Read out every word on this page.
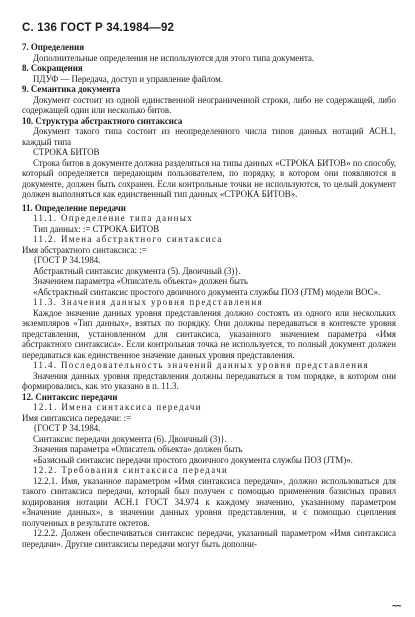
С. 136 ГОСТ Р 34.1984—92

7. Определения

Дополнительные определения не используются для этого типа документа.

8. Сокращения

ПДУФ — Передача, доступ и управление файлом.

9. Семантика документа

Документ состоит из одной единственной неограниченной строки, либо не содержащей, либо содержащей один или несколько битов.

10. Структура абстрактного синтаксиса

Документ такого типа состоит из неопределенного числа типов данных нотаций АСН.1, каждый типа

СТРОКА БИТОВ

Строка битов в документе должна разделяться на типы данных «СТРОКА БИТОВ» по способу, который определяется передающим пользователем, по порядку, в котором они появляются в документе, должен быть сохранен. Если контрольные точки не используются, то целый документ должен выполняться как единственный тип данных «СТРОКА БИТОВ».

11. Определение передачи

11.1. Определение типа данных

Тип данных: := СТРОКА БИТОВ

11.2. Имена абстрактного синтаксиса

Имя абстрактного синтаксиса: :=

{ГОСТ Р 34.1984.

Абстрактный синтаксис документа (5). Двоичный (3)}.

Значением параметра «Описатель объекта» должен быть

«Абстрактный синтаксис простого двоичного документа службы ПОЗ (JTM) модели ВОС».

11.3. Значения данных уровня представления

Каждое значение данных уровня представления должно состоять из одного или нескольких экземпляров «Тип данных», взятых по порядку. Они должны передаваться в контексте уровня представления, установленном для синтаксиса, указанного значением параметра «Имя абстрактного синтаксиса». Если контрольная точка не используется, то полный документ должен передаваться как единственное значение данных уровня представления.

11.4. Последовательность значений данных уровня представления

Значения данных уровня представления должны передаваться в том порядке, в котором они формировались, как это указано в п. 11.3.

12. Синтаксис передачи

12.1. Имена синтаксиса передачи

Имя синтаксиса передачи: :=

{ГОСТ Р 34.1984.

Синтаксис передачи документа (6). Двоичный (3)}.

Значения параметра «Описатель объекта» должен быть

«Базисный синтаксис передачи простого двоичного документа службы ПОЗ (JTM)».

12.2. Требования синтаксиса передачи

12.2.1. Имя, указанное параметром «Имя синтаксиса передачи», должно использоваться для такого синтаксиса передачи, который был получен с помощью применения базисных правил кодирования нотации АСН.1 ГОСТ 34.974 к каждому значению, указанному параметром «Значение данных», в значении данных уровня представления, и с помощью сцепления полученных в результате октетов.

12.2.2. Должен обеспечиваться синтаксис передачи, указанный параметром «Имя синтаксиса передачи». Другие синтаксисы передачи могут быть дополни-

~~
